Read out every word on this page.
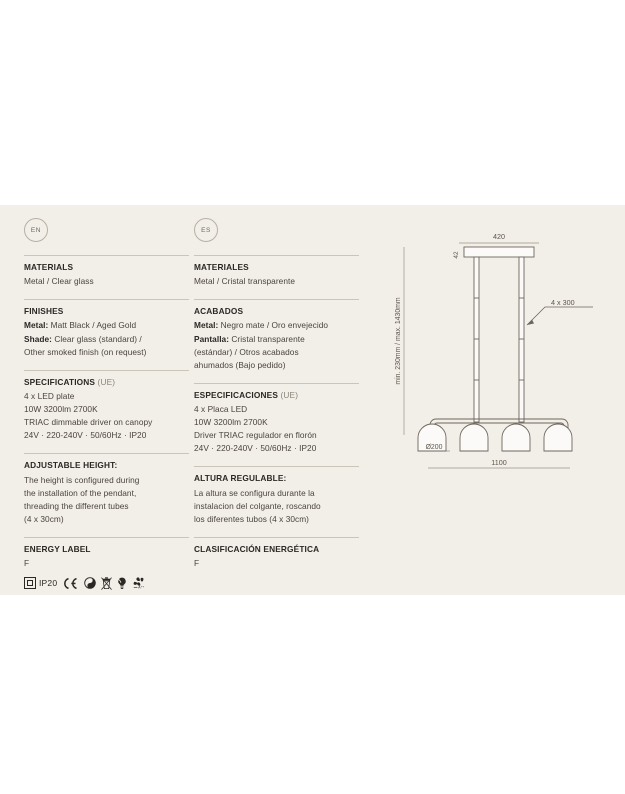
EN
MATERIALS
Metal / Clear glass
FINISHES
Metal: Matt Black / Aged Gold
Shade: Clear glass (standard) /
Other smoked finish (on request)
SPECIFICATIONS (UE)
4 x LED plate
10W 3200lm 2700K
TRIAC dimmable driver on canopy
24V · 220-240V · 50/60Hz · IP20
ADJUSTABLE HEIGHT:
The height is configured during
the installation of the pendant,
threading the different tubes
(4 x 30cm)
ENERGY LABEL
F
IP20	A ++
ES
MATERIALES
Metal / Cristal transparente
ACABADOS
Metal: Negro mate / Oro envejecido
Pantalla: Cristal transparente
(estándar) / Otros acabados
ahumados (Bajo pedido)
ESPECIFICACIONES (UE)
4 x Placa LED
10W 3200lm 2700K
Driver TRIAC regulador en florón
24V · 220-240V · 50/60Hz · IP20
ALTURA REGULABLE:
La altura se configura durante la
instalacion del colgante, roscando
los diferentes tubos (4 x 30cm)
CLASIFICACIÓN ENERGÉTICA
F
420
42
min. 230mm / max. 1430mm	4 x 300
Ø200
1100
